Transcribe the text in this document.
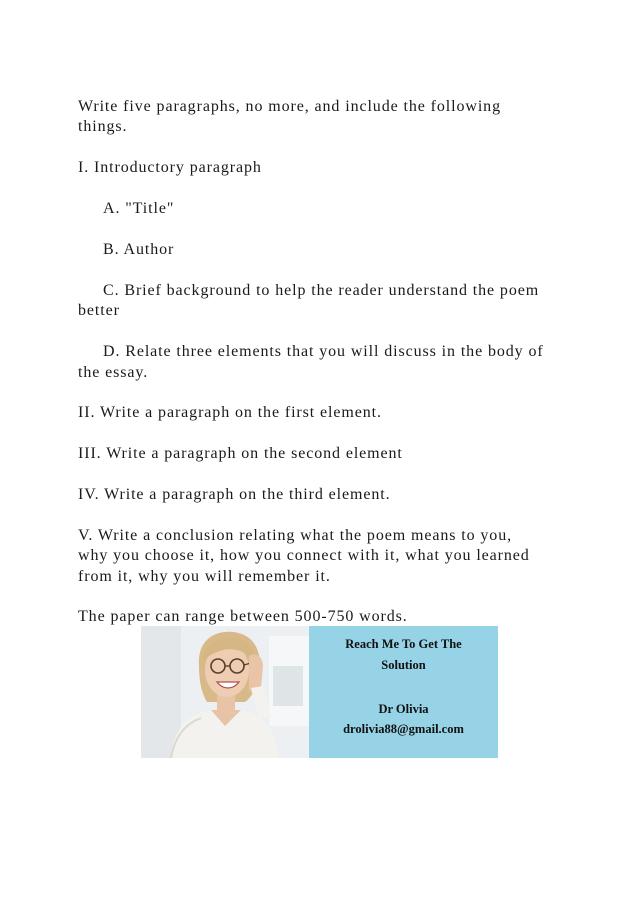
Write five paragraphs, no more, and include the following
things.
I. Introductory paragraph
A. "Title"
B. Author
C. Brief background to help the reader understand the poem
better
D. Relate three elements that you will discuss in the body of
the essay.
II. Write a paragraph on the first element.
III. Write a paragraph on the second element
IV. Write a paragraph on the third element.
V. Write a conclusion relating what the poem means to you,
why you choose it, how you connect with it, what you learned
from it, why you will remember it.
The paper can range between 500-750 words.
Reach Me To Get The
Solution
Dr Olivia
drolivia88@gmail.com
